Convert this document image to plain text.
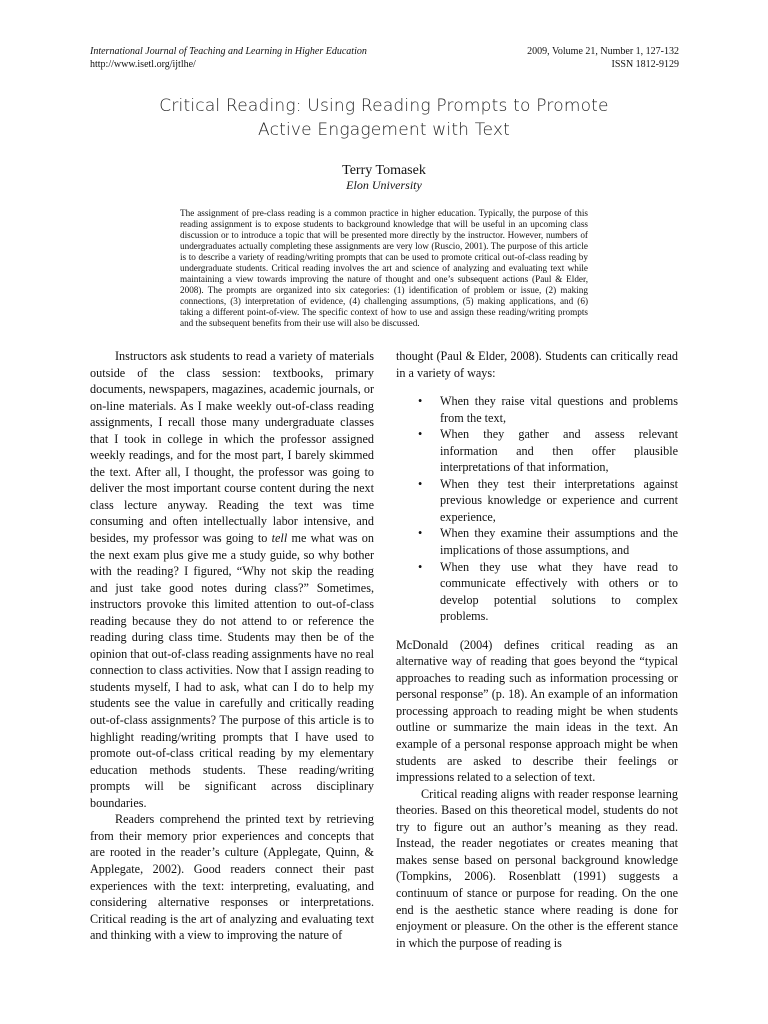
International Journal of Teaching and Learning in Higher Education
http://www.isetl.org/ijtlhe/
2009, Volume 21, Number 1, 127-132
ISSN 1812-9129
Critical Reading: Using Reading Prompts to Promote
Active Engagement with Text
Terry Tomasek
Elon University

The assignment of pre-class reading is a common practice in higher education. Typically, the purpose of this reading assignment is to expose students to background knowledge that will be useful in an upcoming class discussion or to introduce a topic that will be presented more directly by the instructor. However, numbers of undergraduates actually completing these assignments are very low (Ruscio, 2001). The purpose of this article is to describe a variety of reading/writing prompts that can be used to promote critical out-of-class reading by undergraduate students. Critical reading involves the art and science of analyzing and evaluating text while maintaining a view towards improving the nature of thought and one’s subsequent actions (Paul & Elder, 2008). The prompts are organized into six categories: (1) identification of problem or issue, (2) making connections, (3) interpretation of evidence, (4) challenging assumptions, (5) making applications, and (6) taking a different point-of-view. The specific context of how to use and assign these reading/writing prompts and the subsequent benefits from their use will also be discussed.

Instructors ask students to read a variety of materials outside of the class session: textbooks, primary documents, newspapers, magazines, academic journals, or on-line materials. As I make weekly out-of-class reading assignments, I recall those many undergraduate classes that I took in college in which the professor assigned weekly readings, and for the most part, I barely skimmed the text. After all, I thought, the professor was going to deliver the most important course content during the next class lecture anyway. Reading the text was time consuming and often intellectually labor intensive, and besides, my professor was going to tell me what was on the next exam plus give me a study guide, so why bother with the reading? I figured, “Why not skip the reading and just take good notes during class?” Sometimes, instructors provoke this limited attention to out-of-class reading because they do not attend to or reference the reading during class time. Students may then be of the opinion that out-of-class reading assignments have no real connection to class activities. Now that I assign reading to students myself, I had to ask, what can I do to help my students see the value in carefully and critically reading out-of-class assignments? The purpose of this article is to highlight reading/writing prompts that I have used to promote out-of-class critical reading by my elementary education methods students. These reading/writing prompts will be significant across disciplinary boundaries.

Readers comprehend the printed text by retrieving from their memory prior experiences and concepts that are rooted in the reader’s culture (Applegate, Quinn, & Applegate, 2002). Good readers connect their past experiences with the text: interpreting, evaluating, and considering alternative responses or interpretations. Critical reading is the art of analyzing and evaluating text and thinking with a view to improving the nature of

thought (Paul & Elder, 2008). Students can critically read in a variety of ways:

• When they raise vital questions and problems from the text,
• When they gather and assess relevant information and then offer plausible interpretations of that information,
• When they test their interpretations against previous knowledge or experience and current experience,
• When they examine their assumptions and the implications of those assumptions, and
• When they use what they have read to communicate effectively with others or to develop potential solutions to complex problems.

McDonald (2004) defines critical reading as an alternative way of reading that goes beyond the “typical approaches to reading such as information processing or personal response” (p. 18). An example of an information processing approach to reading might be when students outline or summarize the main ideas in the text. An example of a personal response approach might be when students are asked to describe their feelings or impressions related to a selection of text.

Critical reading aligns with reader response learning theories. Based on this theoretical model, students do not try to figure out an author’s meaning as they read. Instead, the reader negotiates or creates meaning that makes sense based on personal background knowledge (Tompkins, 2006). Rosenblatt (1991) suggests a continuum of stance or purpose for reading. On the one end is the aesthetic stance where reading is done for enjoyment or pleasure. On the other is the efferent stance in which the purpose of reading is
